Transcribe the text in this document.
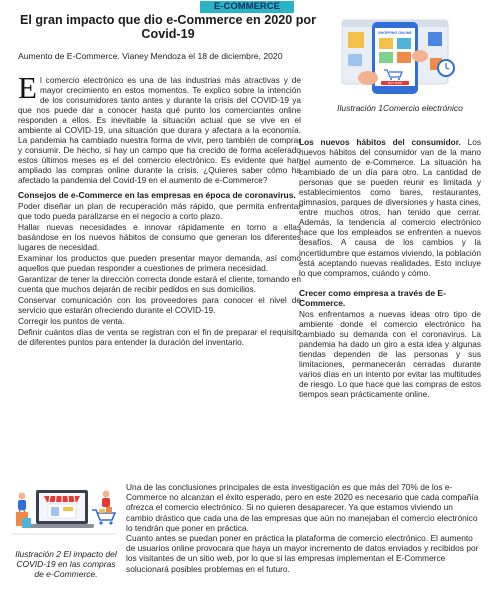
E-COMMERCE
El gran impacto que dio e-Commerce en 2020 por Covid-19
Aumento de E-Commerce. Vianey Mendoza el 18 de diciembre, 2020

El comercio electrónico es una de las industrias más atractivas y de mayor crecimiento en estos momentos. Te explico sobre la intención de los consumidores tanto antes y durante la crisis del COVID-19 ya que nos puede dar a conocer hasta qué punto los comerciantes online responden a ellos. Es inevitable la situación actual que se vive en el ambiente al COVID-19, una situación que durara y afectara a la economía. La pandemia ha cambiado nuestra forma de vivir, pero también de comprar y consumir. De hecho, si hay un campo que ha crecido de forma acelerado estos últimos meses es el del comercio electrónico. Es evidente que han ampliado las compras online durante la crisis. ¿Quieres saber cómo ha afectado la pandemia del Covid-19 en el aumento de e-Commerce?

Consejos de e-Commerce en las empresas en época de coronavirus.

Poder diseñar un plan de recuperación más rápido, que permita enfrentar que todo pueda paralizarse en el negocio a corto plazo.

Hallar nuevas necesidades e innovar rápidamente en torno a ellas basándose en los nuevos hábitos de consumo que generan los diferentes lugares de necesidad.

Examinar los productos que pueden presentar mayor demanda, así como aquellos que puedan responder a cuestiones de primera necesidad.

Garantizar de tener la dirección correcta donde estará el cliente, tomando en cuenta que muchos dejarán de recibir pedidos en sus domicilios.

Conservar comunicación con los proveedores para conocer el nivel de servicio que estarán ofreciendo durante el COVID-19.

Corregir los puntos de venta.

Definir cuántos días de venta se registran con el fin de preparar el requisito de diferentes puntos para entender la duración del inventario.

SHOPPING ONLINE
BUY NOW
Ilustración 1Comercio electrónico

Los nuevos hábitos del consumidor. Los nuevos hábitos del consumidor van de la mano del aumento de e-Commerce. La situación ha cambiado de un día para otro. La cantidad de personas que se pueden reunir es limitada y establecimientos como bares, restaurantes, gimnasios, parques de diversiones y hasta cines, entre muchos otros, han tenido que cerrar. Además, la tendencia al comercio electrónico hace que los empleados se enfrenten a nuevos desafíos. A causa de los cambios y la incertidumbre que estamos viviendo, la población está aceptando nuevas realidades. Esto incluye lo que compramos, cuándo y cómo.

Crecer como empresa a través de E-Commerce.

Nos enfrentamos a nuevas ideas otro tipo de ambiente donde el comercio electrónico ha cambiado su demanda con el coronavirus. La pandemia ha dado un giro a esta idea y algunas tiendas dependen de las personas y sus limitaciones, permanecerán cerradas durante varios días en un intento por evitar las multitudes de riesgo. Lo que hace que las compras de estos tiempos sean prácticamente online.

Ilustración 2 El impacto del COVID-19 en las compras de e-Commerce.

Una de las conclusiones principales de esta investigación es que más del 70% de los e-Commerce no alcanzan el éxito esperado, pero en este 2020 es necesario que cada compañía ofrezca el comercio electrónico. Si no quieren desaparecer. Ya que estamos viviendo un cambio drástico que cada una de las empresas que aún no manejaban el comercio electrónico lo tendrán que poner en práctica.

Cuanto antes se puedan poner en práctica la plataforma de comercio electrónico. El aumento de usuarios online provocara que haya un mayor incremento de datos enviados y recibidos por los visitantes de un sitio web, por lo que si las empresas implementan el E-Commerce solucionará posibles problemas en el futuro.
